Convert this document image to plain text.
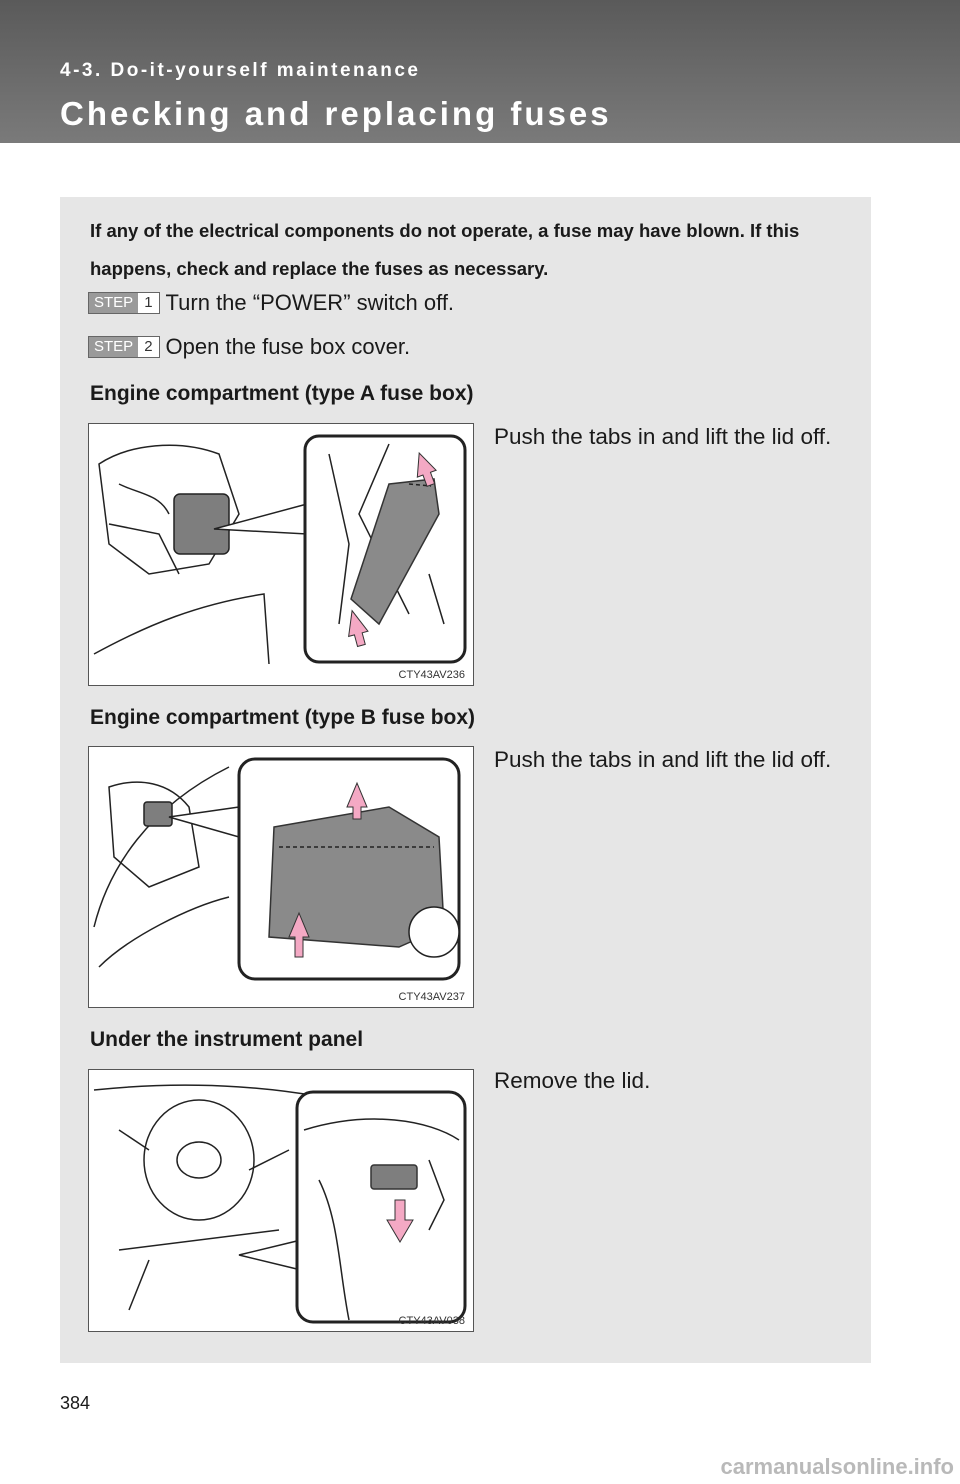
4-3. Do-it-yourself maintenance
Checking and replacing fuses

If any of the electrical components do not operate, a fuse may have blown. If this happens, check and replace the fuses as necessary.

STEP 1 Turn the “POWER” switch off.
STEP 2 Open the fuse box cover.
Engine compartment (type A fuse box)
CTY43AV236

Push the tabs in and lift the lid off.

Engine compartment (type B fuse box)
CTY43AV237

Push the tabs in and lift the lid off.

Under the instrument panel
CTY43AV038

Remove the lid.

384
carmanualsonline.info
